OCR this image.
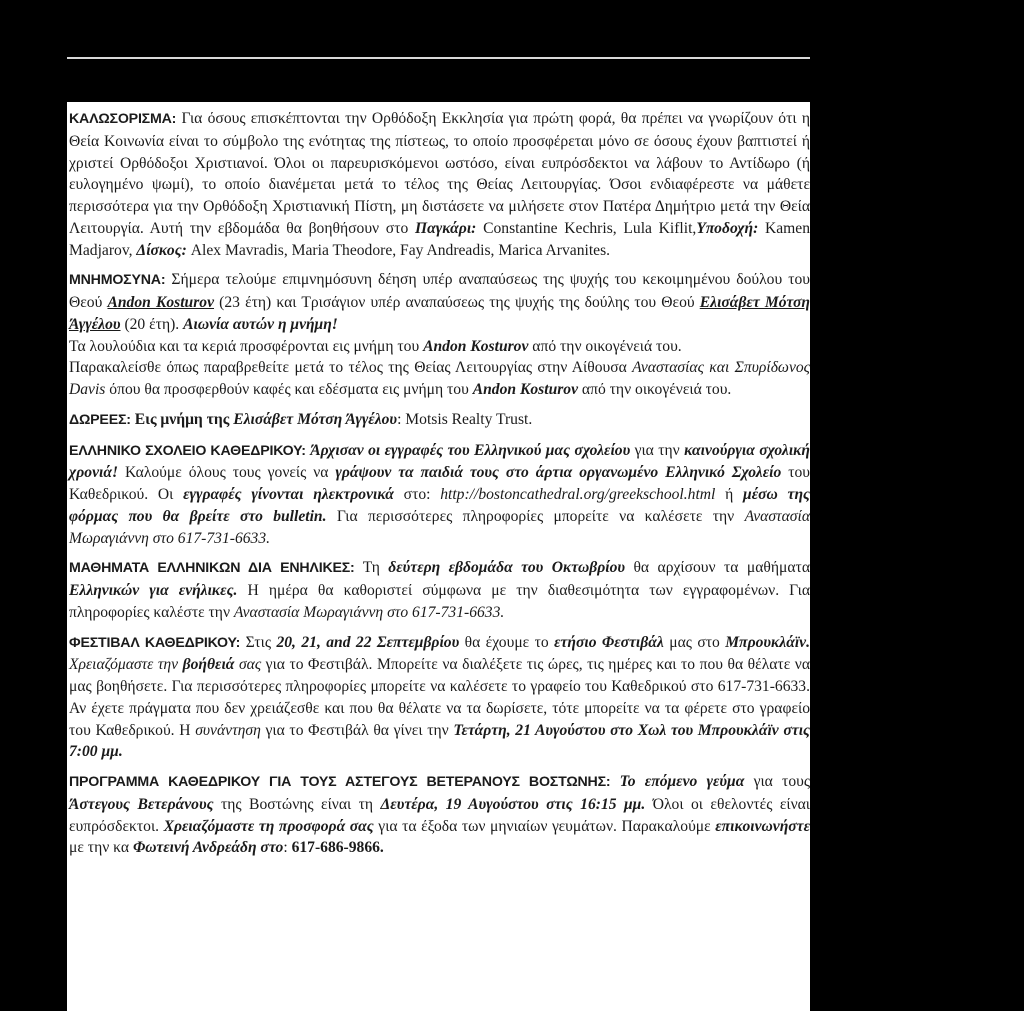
ΚΑΛΩΣΟΡΙΣΜΑ: Για όσους επισκέπτονται την Ορθόδοξη Εκκλησία για πρώτη φορά, θα πρέπει να γνωρίζουν ότι η Θεία Κοινωνία είναι το σύμβολο της ενότητας της πίστεως, το οποίο προσφέρεται μόνο σε όσους έχουν βαπτιστεί ή χριστεί Ορθόδοξοι Χριστιανοί. Όλοι οι παρευρισκόμενοι ωστόσο, είναι ευπρόσδεκτοι να λάβουν το Αντίδωρο (ή ευλογημένο ψωμί), το οποίο διανέμεται μετά το τέλος της Θείας Λειτουργίας. Όσοι ενδιαφέρεστε να μάθετε περισσότερα για την Ορθόδοξη Χριστιανική Πίστη, μη διστάσετε να μιλήσετε στον Πατέρα Δημήτριο μετά την Θεία Λειτουργία. Αυτή την εβδομάδα θα βοηθήσουν στο Παγκάρι: Constantine Kechris, Lula Kiflit,Υποδοχή: Kamen Madjarov, Δίσκος: Alex Mavradis, Maria Theodore, Fay Andreadis, Marica Arvanites.

ΜΝΗΜΟΣΥΝΑ: Σήμερα τελούμε επιμνημόσυνη δέηση υπέρ αναπαύσεως της ψυχής του κεκοιμημένου δούλου του Θεού Andon Kosturov (23 έτη) και Τρισάγιον υπέρ αναπαύσεως της ψυχής της δούλης του Θεού Ελισάβετ Μότση Άγγέλου (20 έτη). Αιωνία αυτών η μνήμη!

Τα λουλούδια και τα κεριά προσφέρονται εις μνήμη του Andon Kosturov από την οικογένειά του.

Παρακαλείσθε όπως παραβρεθείτε μετά το τέλος της Θείας Λειτουργίας στην Αίθουσα Αναστασίας και Σπυρίδωνος Davis όπου θα προσφερθούν καφές και εδέσματα εις μνήμη του Andon Kosturov από την οικογένειά του.

ΔΩΡΕΕΣ: Εις μνήμη της Ελισάβετ Μότση Άγγέλου: Motsis Realty Trust.

ΕΛΛΗΝΙΚΟ ΣΧΟΛΕΙΟ ΚΑΘΕΔΡΙΚΟΥ: Άρχισαν οι εγγραφές του Ελληνικού μας σχολείου για την καινούργια σχολική χρονιά! Καλούμε όλους τους γονείς να γράψουν τα παιδιά τους στο άρτια οργανωμένο Ελληνικό Σχολείο του Καθεδρικού. Οι εγγραφές γίνονται ηλεκτρονικά στο: http://bostoncathedral.org/greekschool.html ή μέσω της φόρμας που θα βρείτε στο bulletin. Για περισσότερες πληροφορίες μπορείτε να καλέσετε την Αναστασία Μωραγιάννη στο 617-731-6633.

ΜΑΘΗΜΑΤΑ ΕΛΛΗΝΙΚΩΝ ΔΙΑ ΕΝΗΛΙΚΕΣ: Τη δεύτερη εβδομάδα του Οκτωβρίου θα αρχίσουν τα μαθήματα Ελληνικών για ενήλικες. Η ημέρα θα καθοριστεί σύμφωνα με την διαθεσιμότητα των εγγραφομένων. Για πληροφορίες καλέστε την Αναστασία Μωραγιάννη στο 617-731-6633.

ΦΕΣΤΙΒΑΛ ΚΑΘΕΔΡΙΚΟΥ: Στις 20, 21, and 22 Σεπτεμβρίου θα έχουμε το ετήσιο Φεστιβάλ μας στο Μπρουκλάϊν. Χρειαζόμαστε την βοήθειά σας για το Φεστιβάλ. Μπορείτε να διαλέξετε τις ώρες, τις ημέρες και το που θα θέλατε να μας βοηθήσετε. Για περισσότερες πληροφορίες μπορείτε να καλέσετε το γραφείο του Καθεδρικού στο 617-731-6633. Αν έχετε πράγματα που δεν χρειάζεσθε και που θα θέλατε να τα δωρίσετε, τότε μπορείτε να τα φέρετε στο γραφείο του Καθεδρικού. Η συνάντηση για το Φεστιβάλ θα γίνει την Τετάρτη, 21 Αυγούστου στο Χωλ του Μπρουκλάϊν στις 7:00 μμ.

ΠΡΟΓΡΑΜΜΑ ΚΑΘΕΔΡΙΚΟΥ ΓΙΑ ΤΟΥΣ ΑΣΤΕΓΟΥΣ ΒΕΤΕΡΑΝΟΥΣ ΒΟΣΤΩΝΗΣ: Το επόμενο γεύμα για τους Άστεγους Βετεράνους της Βοστώνης είναι τη Δευτέρα, 19 Αυγούστου στις 16:15 μμ. Όλοι οι εθελοντές είναι ευπρόσδεκτοι. Χρειαζόμαστε τη προσφορά σας για τα έξοδα των μηνιαίων γευμάτων. Παρακαλούμε επικοινωνήστε με την κα Φωτεινή Ανδρεάδη στο: 617-686-9866.
